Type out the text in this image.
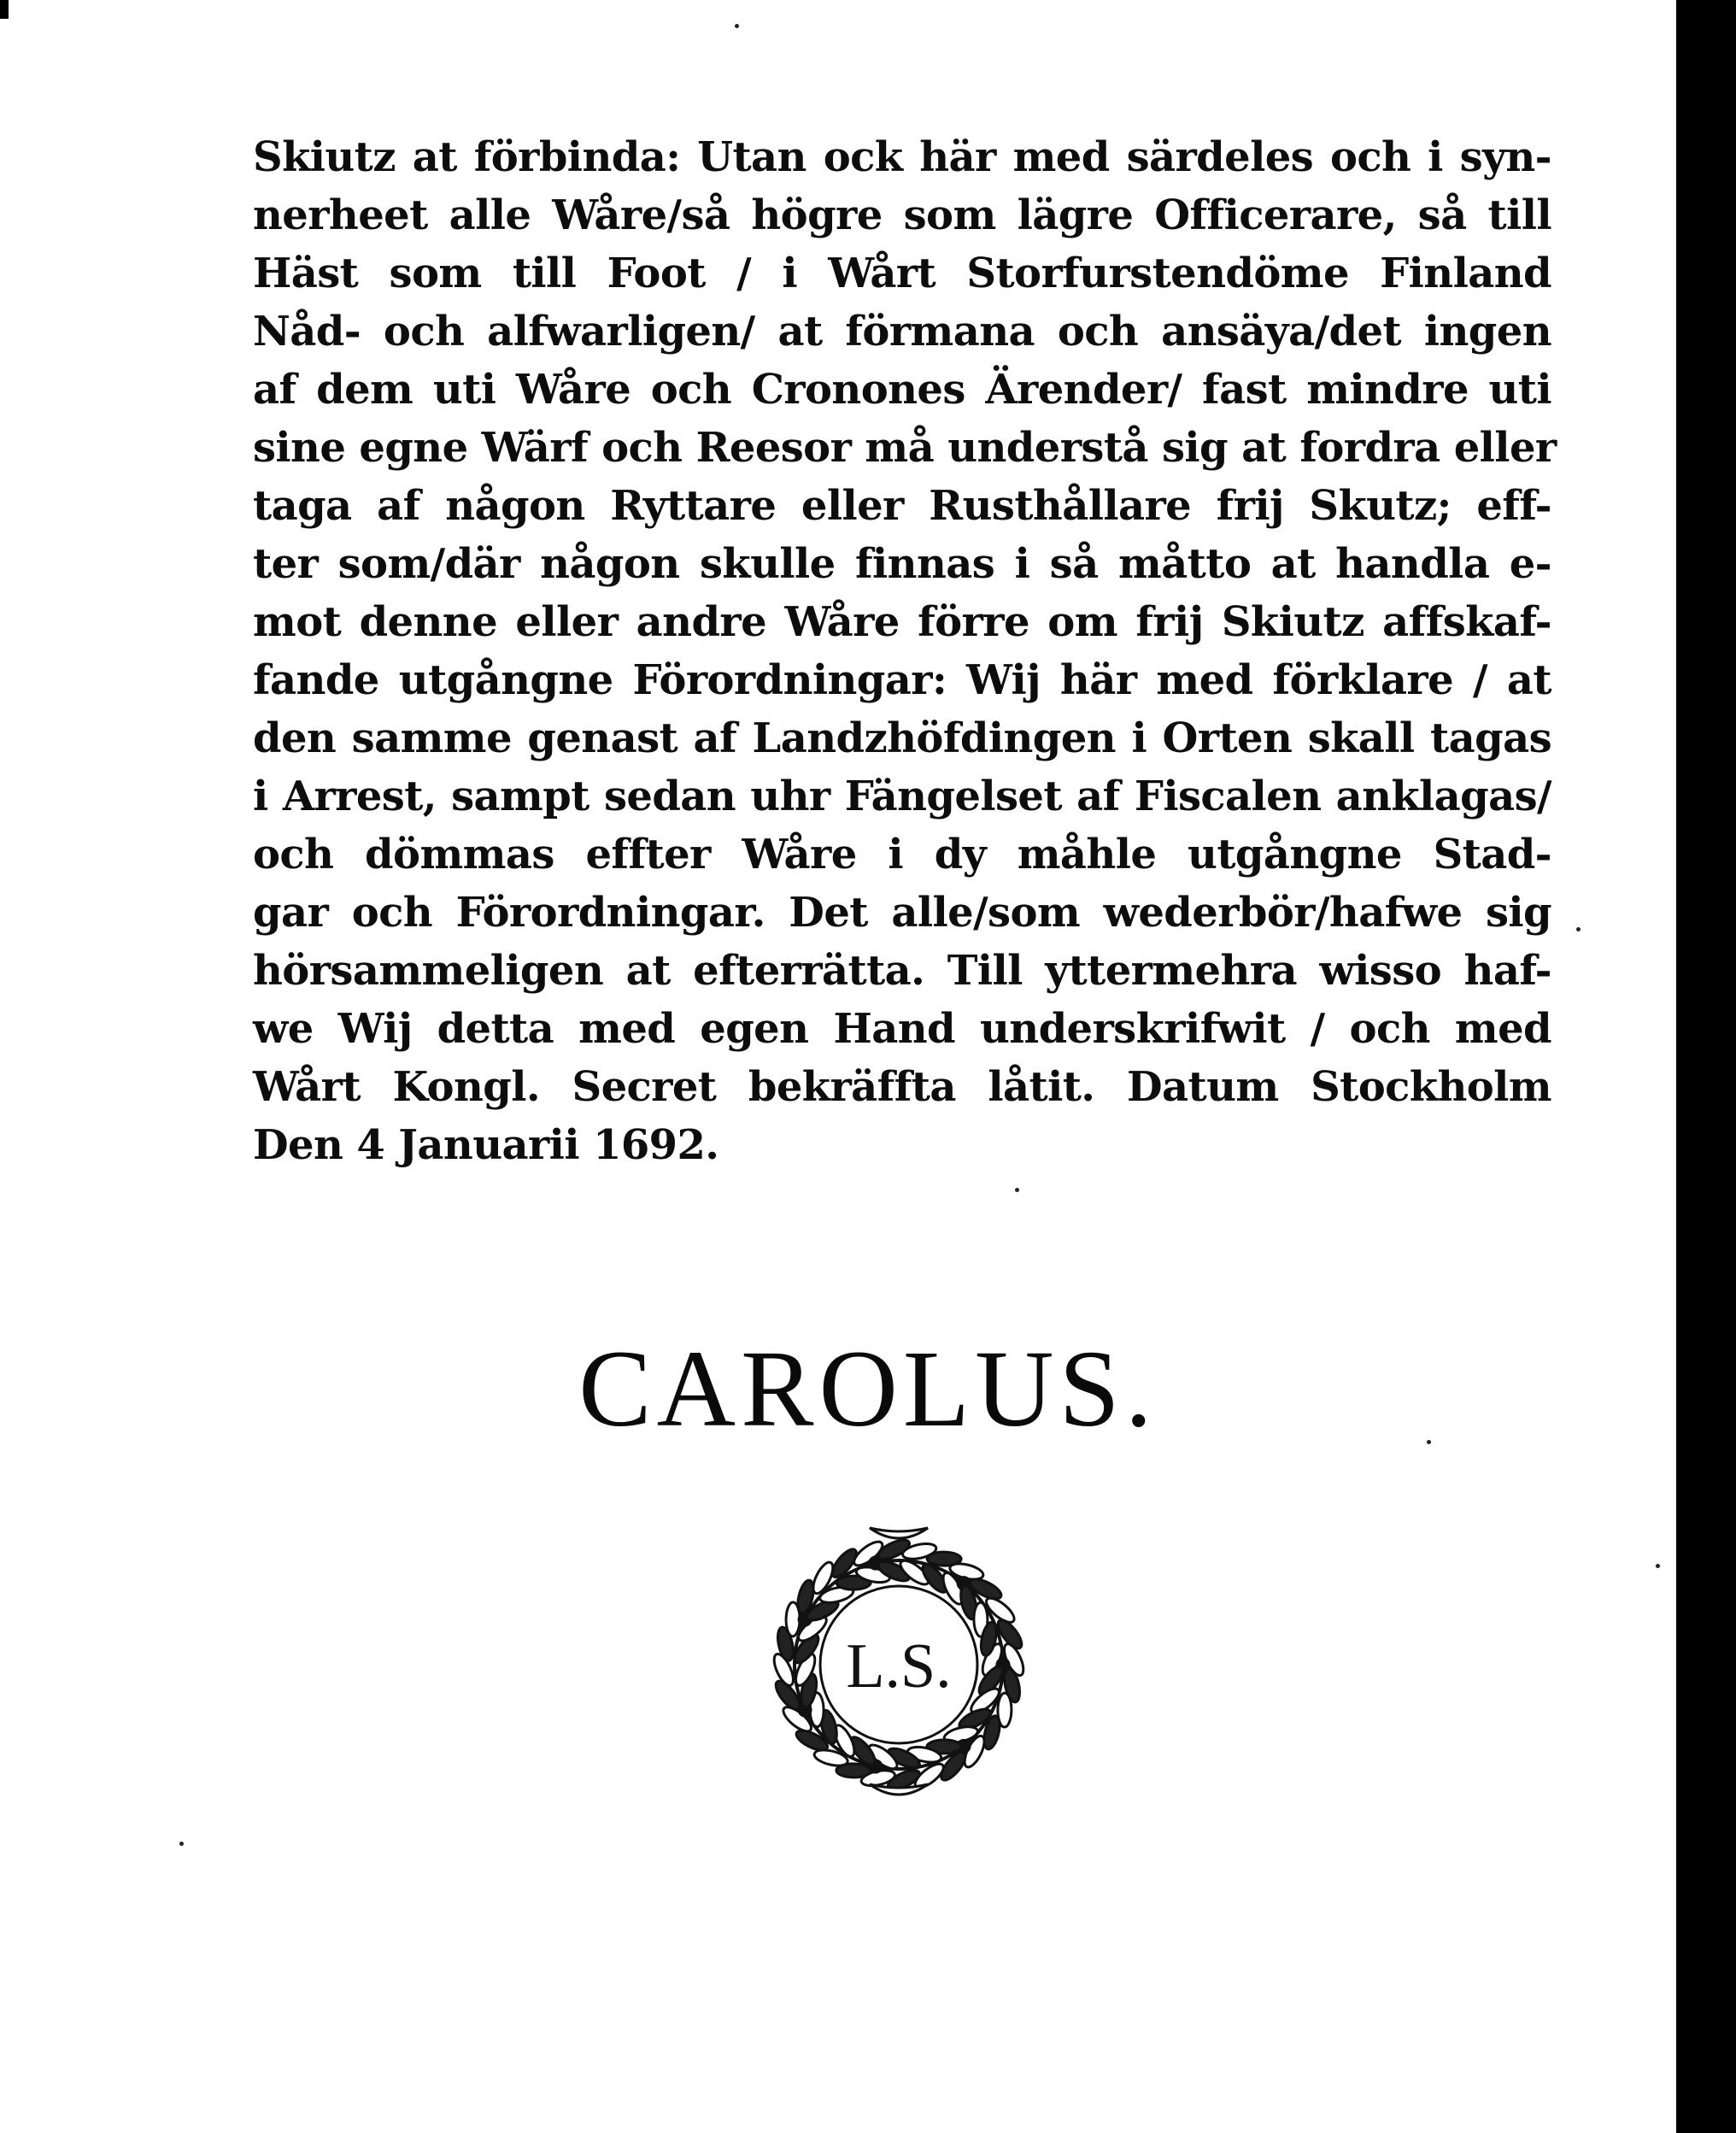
Skiutz at förbinda: Utan ock här med särdeles och i syn-
nerheet alle Wåre/så högre som lägre Officerare, så till
Häst som till Foot / i Wårt Storfurstendöme Finland
Nåd- och alfwarligen/ at förmana och ansäya/det ingen
af dem uti Wåre och Cronones Ärender/ fast mindre uti
sine egne Wärf och Reesor må understå sig at fordra eller
taga af någon Ryttare eller Rusthållare frij Skutz; eff-
ter som/där någon skulle finnas i så måtto at handla e-
mot denne eller andre Wåre förre om frij Skiutz affskaf-
fande utgångne Förordningar: Wij här med förklare / at
den samme genast af Landzhöfdingen i Orten skall tagas
i Arrest, sampt sedan uhr Fängelset af Fiscalen anklagas/
och dömmas effter Wåre i dy måhle utgångne Stad-
gar och Förordningar. Det alle/som wederbör/hafwe sig
hörsammeligen at efterrätta. Till yttermehra wisso haf-
we Wij detta med egen Hand underskrifwit / och med
Wårt Kongl. Secret bekräffta låtit. Datum Stockholm
Den 4 Januarii 1692.
CAROLUS.
L.S.
